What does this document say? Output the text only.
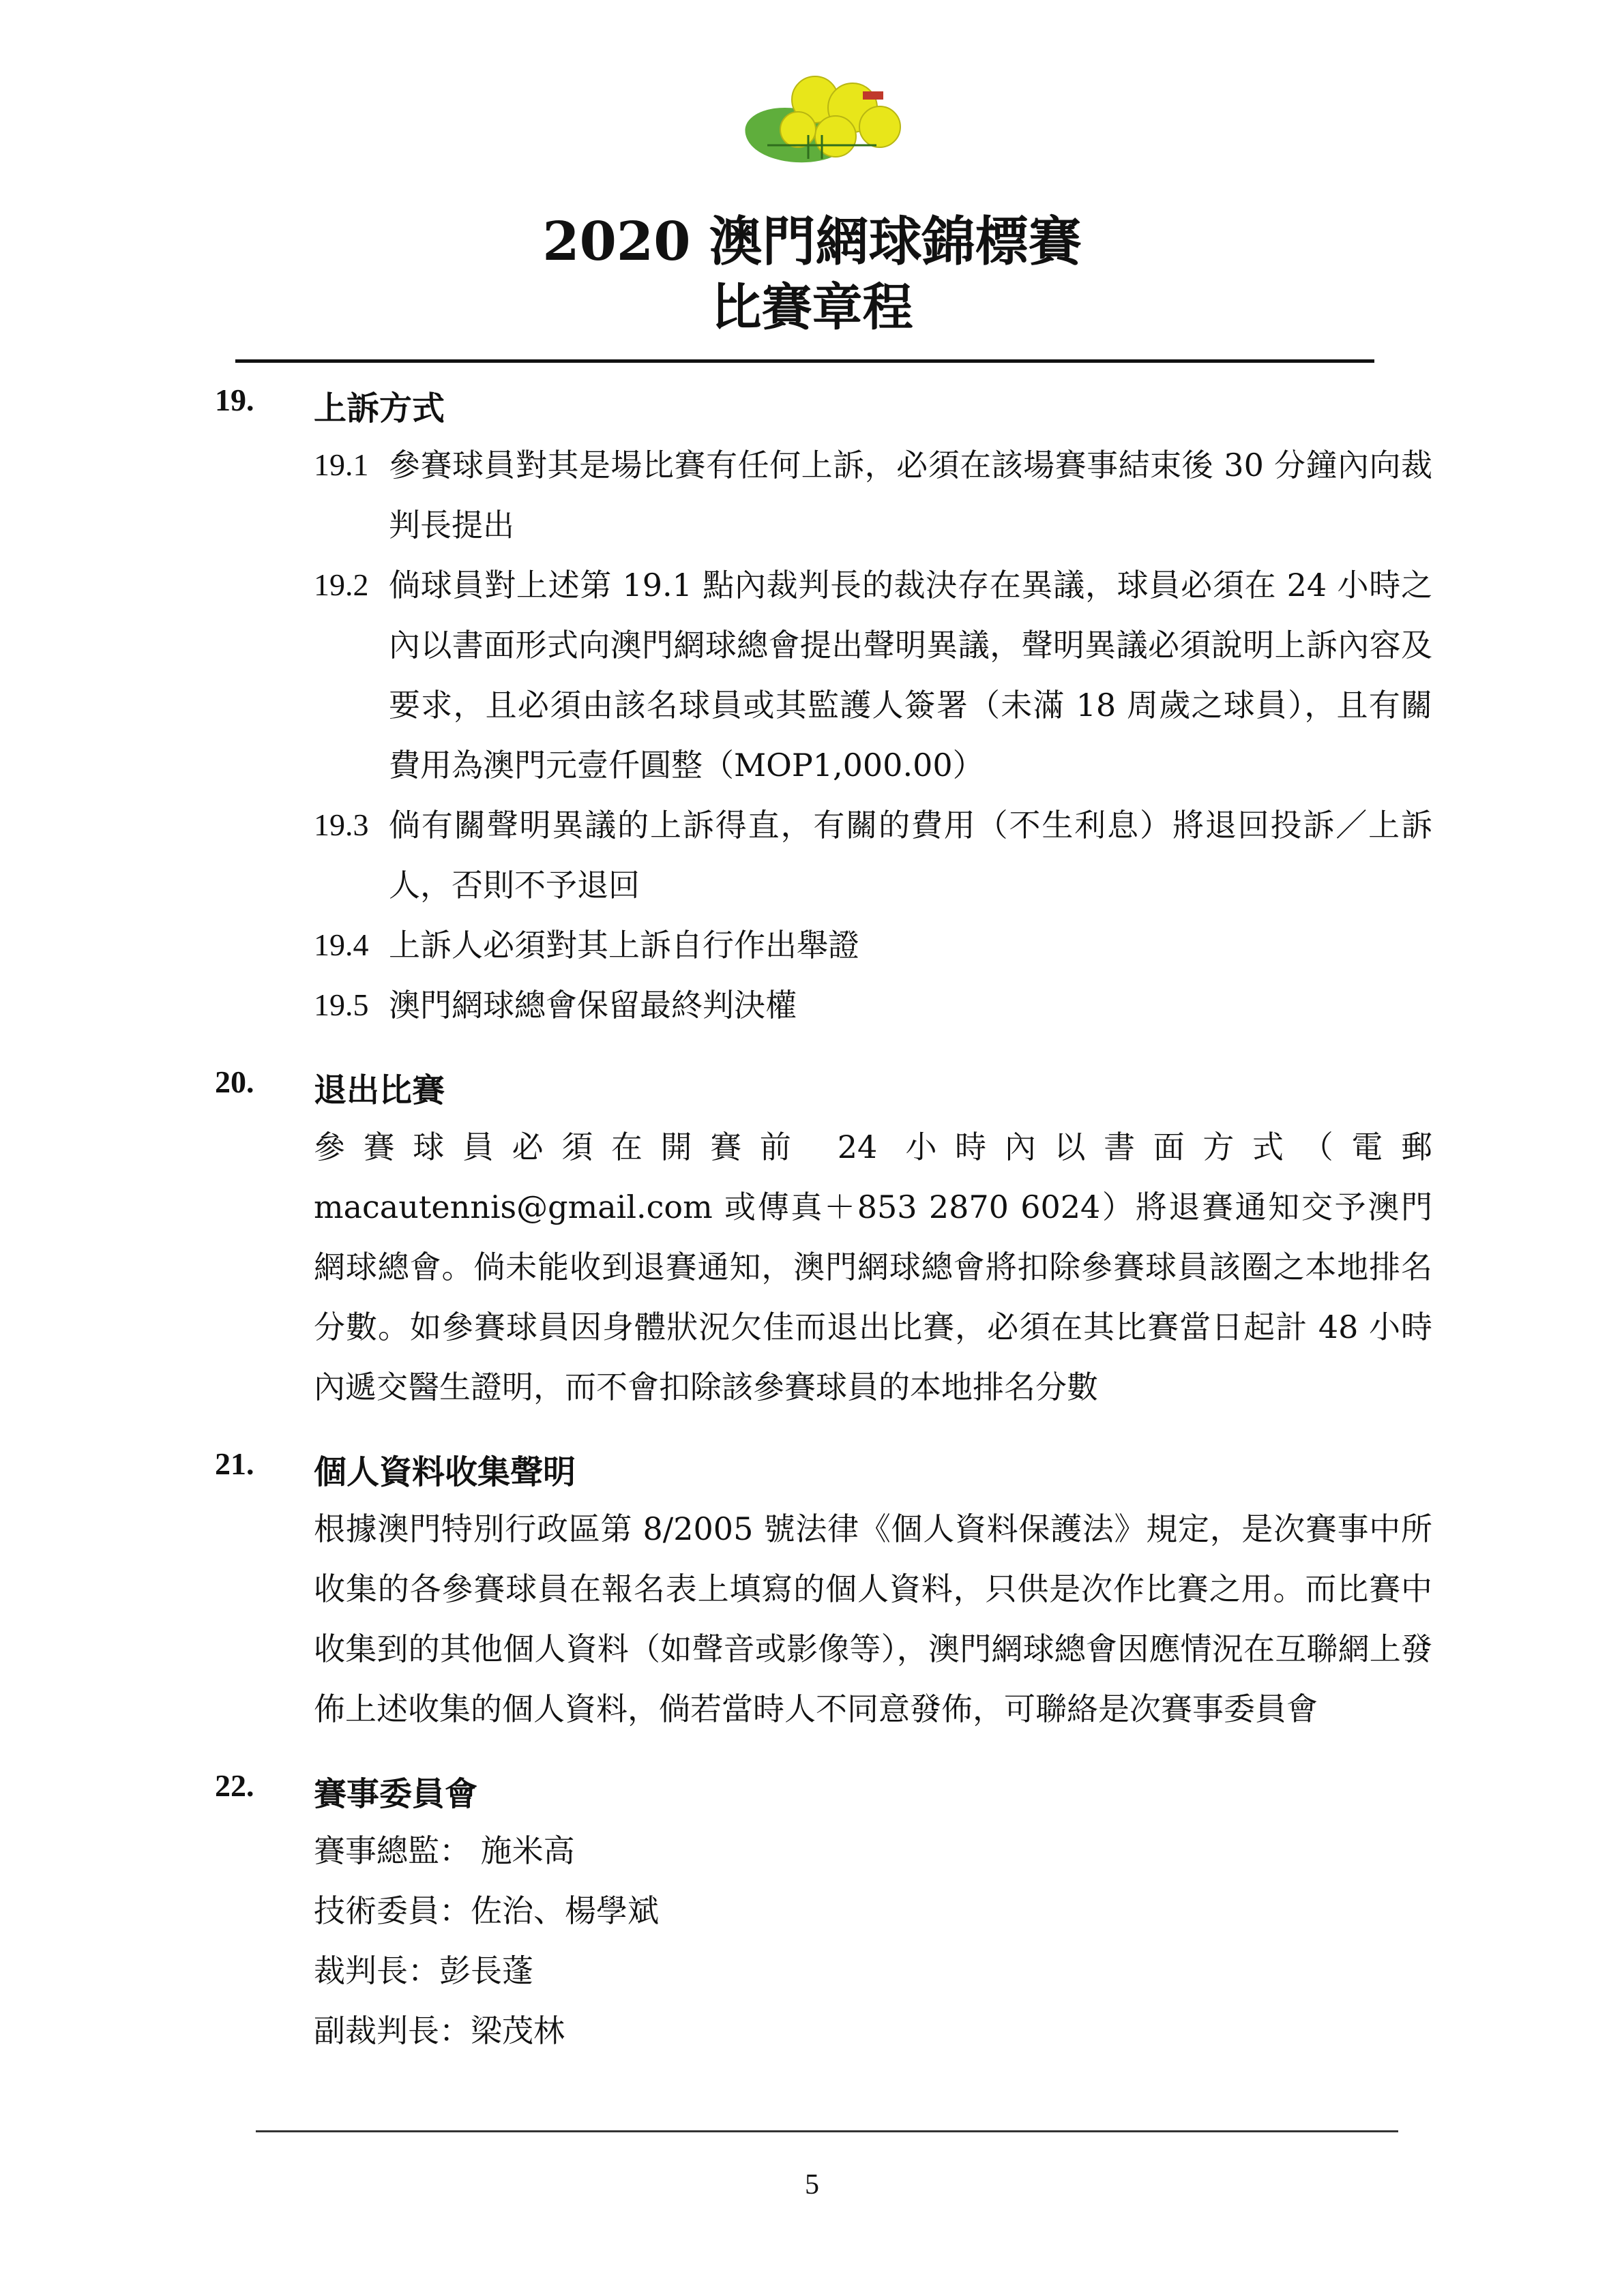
2020 澳門網球錦標賽
比賽章程
19. 上訴方式
19.1 參賽球員對其是場比賽有任何上訴，必須在該場賽事結束後 30 分鐘內向裁判長提出
19.2 倘球員對上述第 19.1 點內裁判長的裁決存在異議，球員必須在 24 小時之內以書面形式向澳門網球總會提出聲明異議，聲明異議必須說明上訴內容及要求，且必須由該名球員或其監護人簽署（未滿 18 周歲之球員），且有關費用為澳門元壹仟圓整（MOP1,000.00）
19.3 倘有關聲明異議的上訴得直，有關的費用（不生利息）將退回投訴／上訴人，否則不予退回
19.4 上訴人必須對其上訴自行作出舉證
19.5 澳門網球總會保留最終判決權
20. 退出比賽
參賽球員必須在開賽前 24 小時內以書面方式（電郵 macautennis@gmail.com 或傳真＋853 2870 6024）將退賽通知交予澳門網球總會。倘未能收到退賽通知，澳門網球總會將扣除參賽球員該圈之本地排名分數。如參賽球員因身體狀況欠佳而退出比賽，必須在其比賽當日起計 48 小時內遞交醫生證明，而不會扣除該參賽球員的本地排名分數
21. 個人資料收集聲明
根據澳門特別行政區第 8/2005 號法律《個人資料保護法》規定，是次賽事中所收集的各參賽球員在報名表上填寫的個人資料，只供是次作比賽之用。而比賽中收集到的其他個人資料（如聲音或影像等），澳門網球總會因應情況在互聯網上發佈上述收集的個人資料，倘若當時人不同意發佈，可聯絡是次賽事委員會
22. 賽事委員會
賽事總監： 施米高
技術委員：佐治、楊學斌
裁判長：彭長蓬
副裁判長：梁茂林
5
